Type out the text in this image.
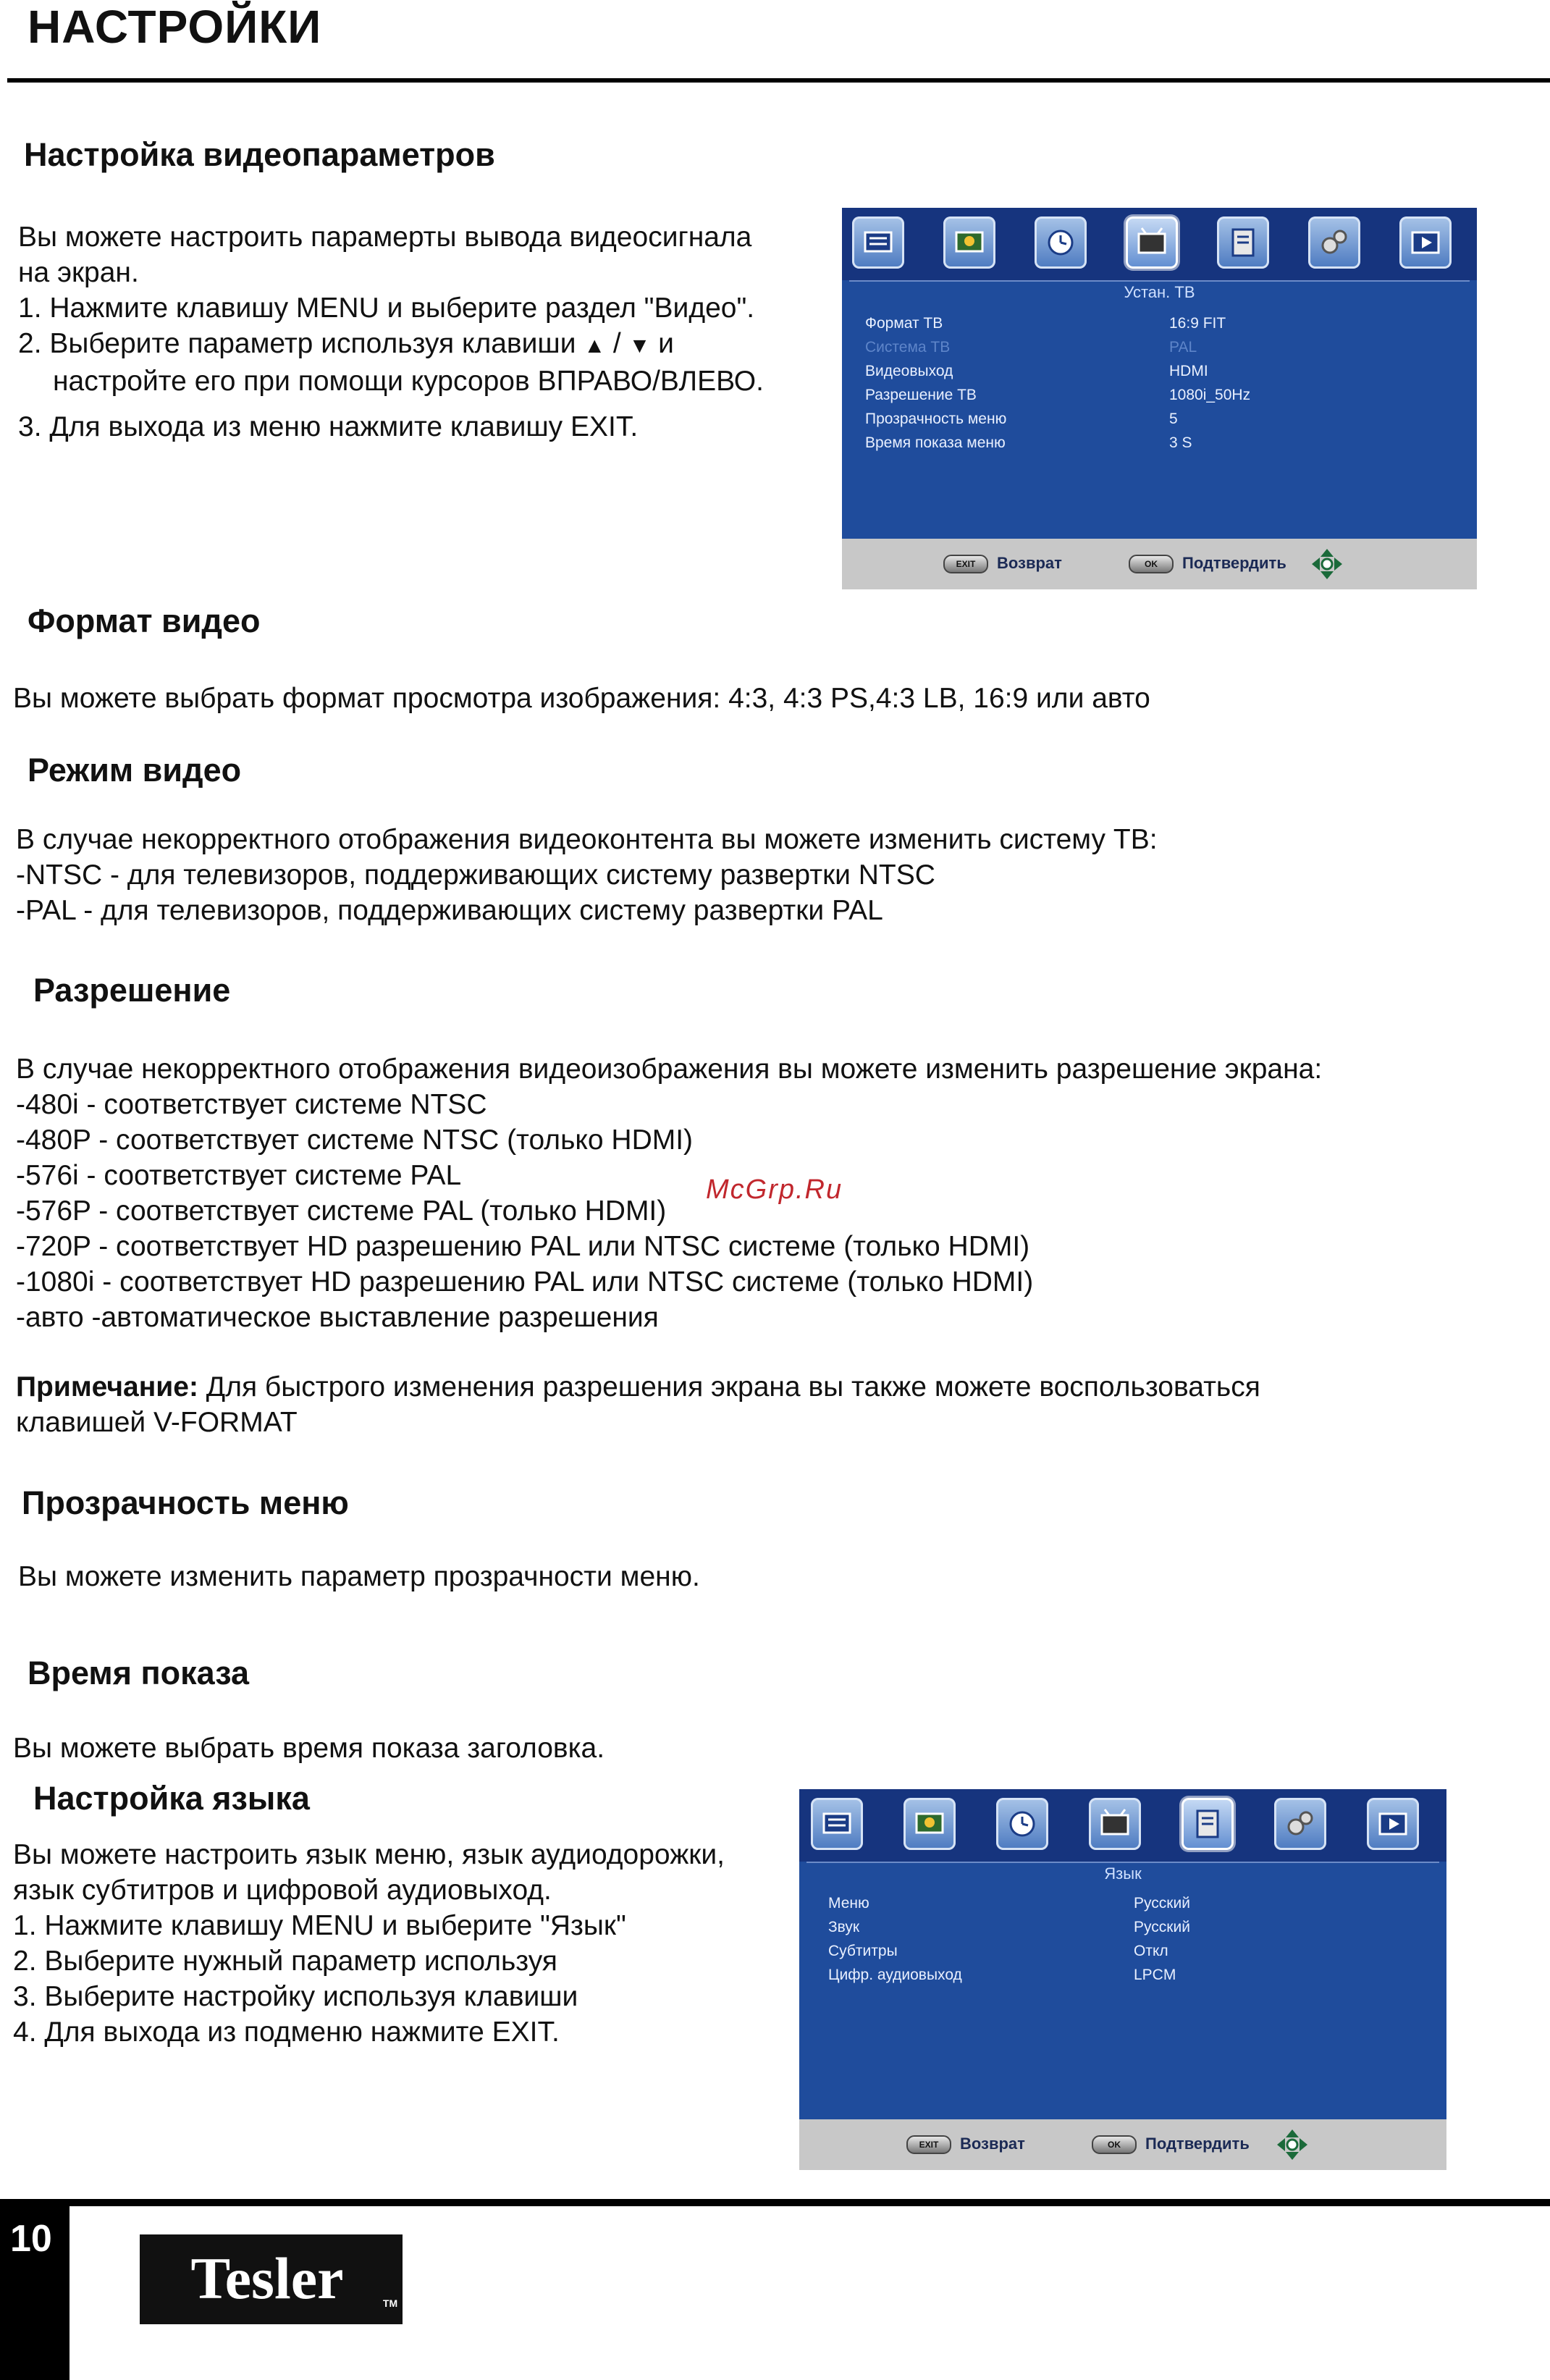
НАСТРОЙКИ
Настройка видеопараметров
Вы можете настроить парамерты вывода видеосигнала
на экран.
1. Нажмите клавишу MENU и выберите раздел "Видео".
2. Выберите параметр используя клавиши ▲ / ▼ и
настройте его при помощи курсоров ВПРАВО/ВЛЕВО.
3. Для выхода из меню нажмите клавишу EXIT.
Устан. ТВ
Формат ТВ	16:9 FIT
Система ТВ	PAL
Видеовыход	HDMI
Разрешение ТВ	1080i_50Hz
Прозрачность меню	5
Время показа меню	3 S
EXIT	Возврат	OK	Подтвердить
Формат видео
Вы можете выбрать формат просмотра изображения: 4:3, 4:3 PS,4:3 LB, 16:9 или авто
Режим видео
В случае некорректного отображения видеоконтента вы можете изменить систему ТВ:
-NTSC - для телевизоров, поддерживающих систему развертки NTSC
-PAL - для телевизоров, поддерживающих систему развертки PAL
Разрешение
В случае некорректного отображения видеоизображения вы можете изменить разрешение экрана:
-480i - соответствует системе NTSC
-480P - соответствует системе NTSC (только HDMI)
-576i - соответствует системе PAL
-576P - соответствует системе PAL (только HDMI)
-720P - соответствует HD разрешению PAL или NTSC системе (только HDMI)
-1080i - соответствует HD разрешению PAL или NTSC системе (только HDMI)
-авто -автоматическое выставление разрешения
Примечание: Для быстрого изменения разрешения экрана вы также можете воспользоваться
клавишей V-FORMAT
McGrp.Ru
Прозрачность меню
Вы можете изменить параметр прозрачности меню.
Время показа
Вы можете выбрать время показа заголовка.
Настройка языка
Вы можете настроить язык меню, язык аудиодорожки,
язык субтитров и цифровой аудиовыход.
1. Нажмите клавишу MENU и выберите "Язык"
2. Выберите нужный параметр используя
3. Выберите настройку используя клавиши
4. Для выхода из подменю нажмите EXIT.
Язык
Меню	Русский
Звук	Русский
Субтитры	Откл
Цифр. аудиовыход	LPCM
EXIT	Возврат	OK	Подтвердить
10
Tesler	TM
